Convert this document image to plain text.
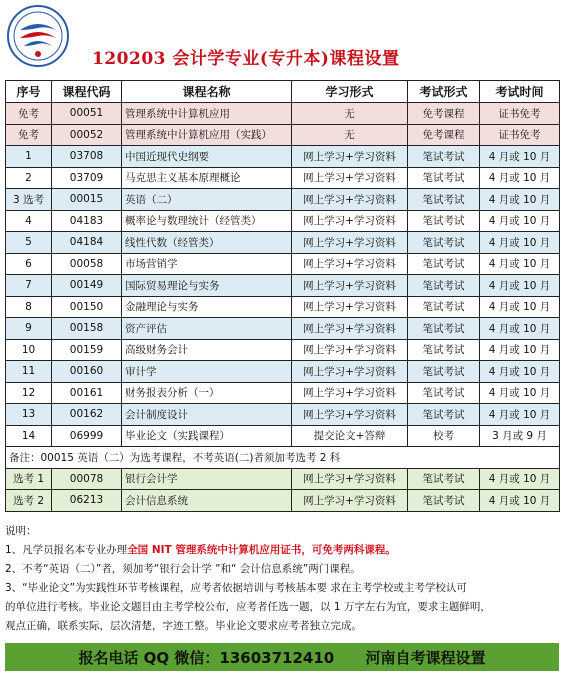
120203 会计学专业(专升本)课程设置
序号	课程代码	课程名称	学习形式	考试形式	考试时间
免考	00051	管理系统中计算机应用	无	免考课程	证书免考
免考	00052	管理系统中计算机应用（实践）	无	免考课程	证书免考
1	03708	中国近现代史纲要	网上学习+学习资料	笔试考试	4 月或 10 月
2	03709	马克思主义基本原理概论	网上学习+学习资料	笔试考试	4 月或 10 月
3 选考	00015	英语（二）	网上学习+学习资料	笔试考试	4 月或 10 月
4	04183	概率论与数理统计（经管类）	网上学习+学习资料	笔试考试	4 月或 10 月
5	04184	线性代数（经管类）	网上学习+学习资料	笔试考试	4 月或 10 月
6	00058	市场营销学	网上学习+学习资料	笔试考试	4 月或 10 月
7	00149	国际贸易理论与实务	网上学习+学习资料	笔试考试	4 月或 10 月
8	00150	金融理论与实务	网上学习+学习资料	笔试考试	4 月或 10 月
9	00158	资产评估	网上学习+学习资料	笔试考试	4 月或 10 月
10	00159	高级财务会计	网上学习+学习资料	笔试考试	4 月或 10 月
11	00160	审计学	网上学习+学习资料	笔试考试	4 月或 10 月
12	00161	财务报表分析（一）	网上学习+学习资料	笔试考试	4 月或 10 月
13	00162	会计制度设计	网上学习+学习资料	笔试考试	4 月或 10 月
14	06999	毕业论文（实践课程）	提交论文+答辩	校考	3 月或 9 月
备注：00015 英语（二）为选考课程，不考英语(二)者须加考选考 2 科					
选考 1	00078	银行会计学	网上学习+学习资料	笔试考试	4 月或 10 月
选考 2	06213	会计信息系统	网上学习+学习资料	笔试考试	4 月或 10 月
说明：
1、凡学员报名本专业办理全国 NIT 管理系统中计算机应用证书，可免考两科课程。
2、不考“英语（二）”者，须加考“银行会计学 ”和“ 会计信息系统”两门课程。
3、“毕业论文”为实践性环节考核课程，应考者依据培训与考核基本要 求在主考学校或主考学校认可
的单位进行考核。毕业论文题目由主考学校公布，应考者任选一题，以 1 万字左右为宜，要求主题鲜明，
观点正确，联系实际，层次清楚，字迹工整。毕业论文要求应考者独立完成。
报名电话 QQ 微信：13603712410
河南自考课程设置
